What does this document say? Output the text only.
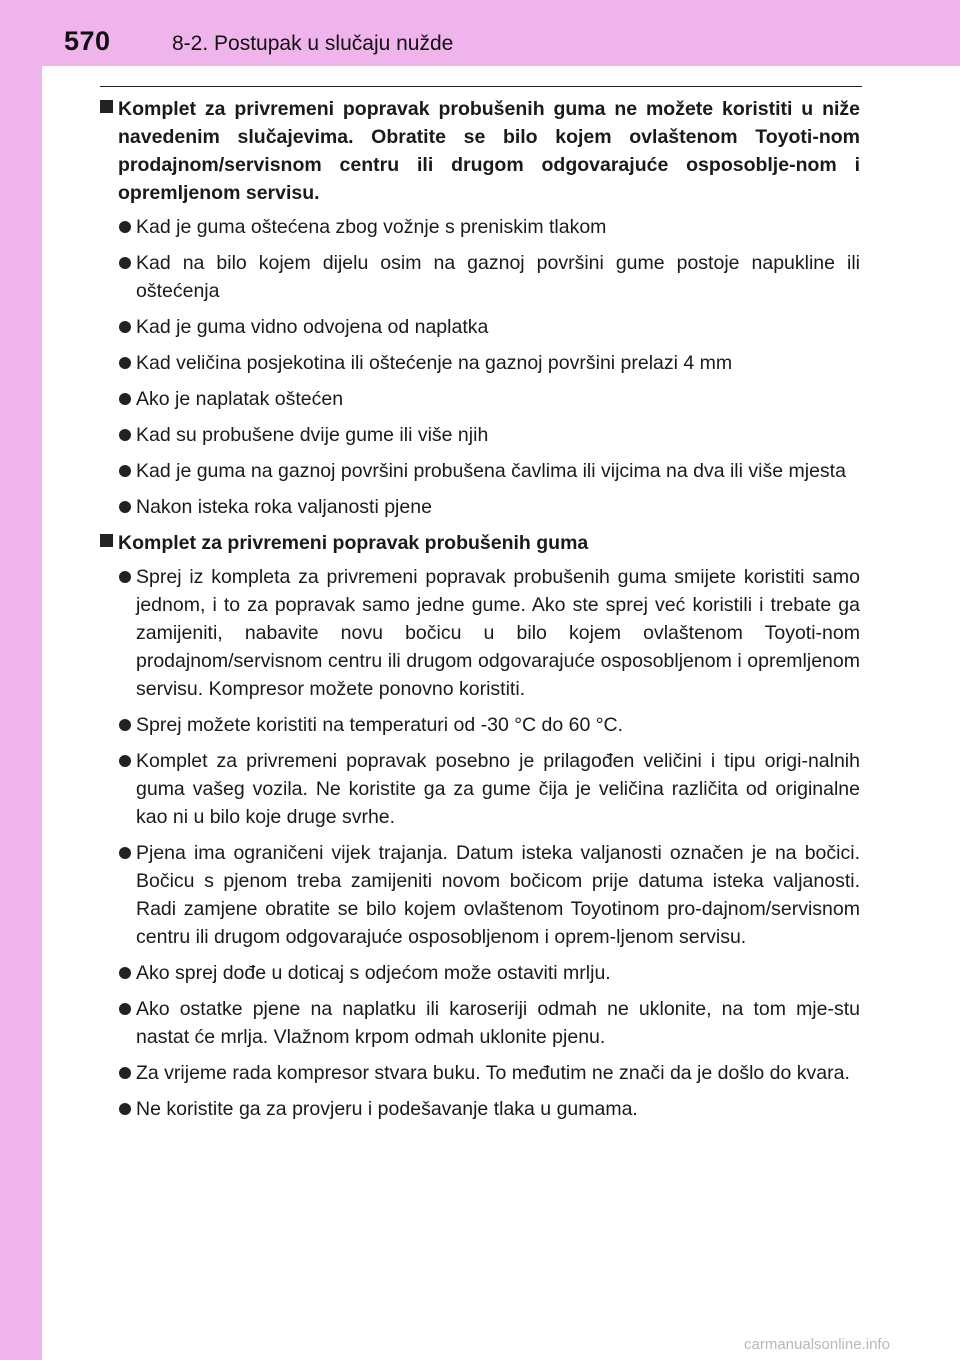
570	8-2. Postupak u slučaju nužde

Komplet za privremeni popravak probušenih guma ne možete koristiti u niže navedenim slučajevima. Obratite se bilo kojem ovlaštenom Toyoti-nom prodajnom/servisnom centru ili drugom odgovarajuće osposoblje-nom i opremljenom servisu.

Kad je guma oštećena zbog vožnje s preniskim tlakom
Kad na bilo kojem dijelu osim na gaznoj površini gume postoje napukline ili oštećenja
Kad je guma vidno odvojena od naplatka
Kad veličina posjekotina ili oštećenje na gaznoj površini prelazi 4 mm
Ako je naplatak oštećen
Kad su probušene dvije gume ili više njih
Kad je guma na gaznoj površini probušena čavlima ili vijcima na dva ili više mjesta
Nakon isteka roka valjanosti pjene

Komplet za privremeni popravak probušenih guma

Sprej iz kompleta za privremeni popravak probušenih guma smijete koristiti samo jednom, i to za popravak samo jedne gume. Ako ste sprej već koristili i trebate ga zamijeniti, nabavite novu bočicu u bilo kojem ovlaštenom Toyoti-nom prodajnom/servisnom centru ili drugom odgovarajuće osposobljenom i opremljenom servisu. Kompresor možete ponovno koristiti.
Sprej možete koristiti na temperaturi od -30 °C do 60 °C.
Komplet za privremeni popravak posebno je prilagođen veličini i tipu origi-nalnih guma vašeg vozila. Ne koristite ga za gume čija je veličina različita od originalne kao ni u bilo koje druge svrhe.
Pjena ima ograničeni vijek trajanja. Datum isteka valjanosti označen je na bočici. Bočicu s pjenom treba zamijeniti novom bočicom prije datuma isteka valjanosti. Radi zamjene obratite se bilo kojem ovlaštenom Toyotinom pro-dajnom/servisnom centru ili drugom odgovarajuće osposobljenom i oprem-ljenom servisu.
Ako sprej dođe u doticaj s odjećom može ostaviti mrlju.
Ako ostatke pjene na naplatku ili karoseriji odmah ne uklonite, na tom mje-stu nastat će mrlja. Vlažnom krpom odmah uklonite pjenu.
Za vrijeme rada kompresor stvara buku. To međutim ne znači da je došlo do kvara.
Ne koristite ga za provjeru i podešavanje tlaka u gumama.
carmanualsonline.info
